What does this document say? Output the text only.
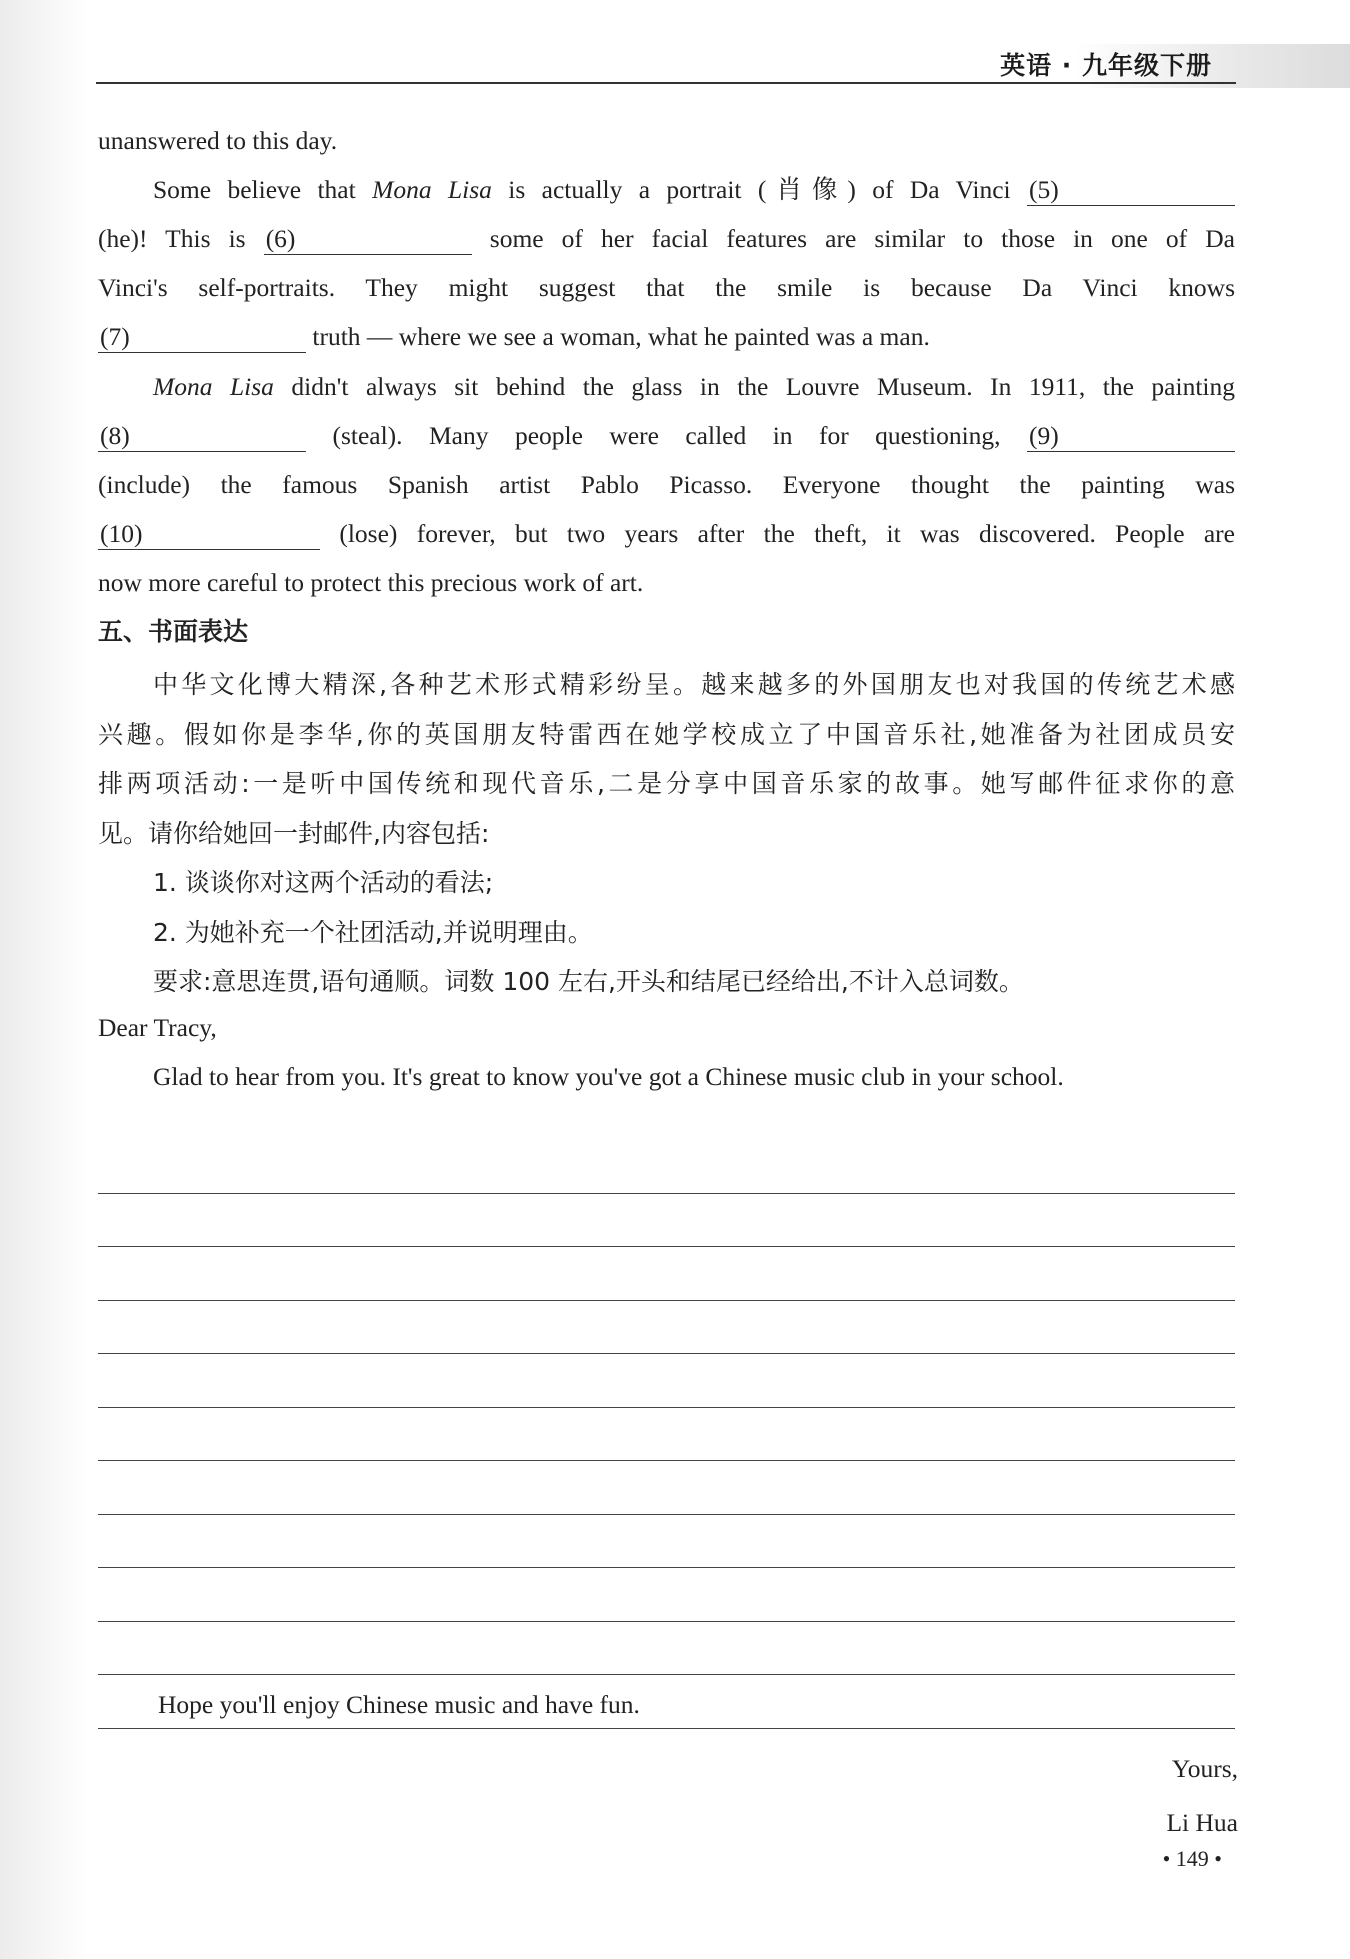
英语 · 九年级下册
unanswered to this day.
Some believe that Mona Lisa is actually a portrait (肖像) of Da Vinci (5)
(he)! This is (6)	some of her facial features are similar to those in one of Da
Vinci's self-portraits. They might suggest that the smile is because Da Vinci knows
(7)	truth — where we see a woman, what he painted was a man.
Mona Lisa didn't always sit behind the glass in the Louvre Museum. In 1911, the painting
(8)	(steal). Many people were called in for questioning, (9)
(include) the famous Spanish artist Pablo Picasso. Everyone thought the painting was
(10)	(lose) forever, but two years after the theft, it was discovered. People are
now more careful to protect this precious work of art.
五、书面表达
中华文化博大精深,各种艺术形式精彩纷呈。越来越多的外国朋友也对我国的传统艺术感
兴趣。假如你是李华,你的英国朋友特雷西在她学校成立了中国音乐社,她准备为社团成员安
排两项活动:一是听中国传统和现代音乐,二是分享中国音乐家的故事。她写邮件征求你的意
见。请你给她回一封邮件,内容包括:
1. 谈谈你对这两个活动的看法;
2. 为她补充一个社团活动,并说明理由。
要求:意思连贯,语句通顺。词数 100 左右,开头和结尾已经给出,不计入总词数。
Dear Tracy,
Glad to hear from you. It's great to know you've got a Chinese music club in your school.
Hope you'll enjoy Chinese music and have fun.
Yours,
Li Hua
• 149 •
